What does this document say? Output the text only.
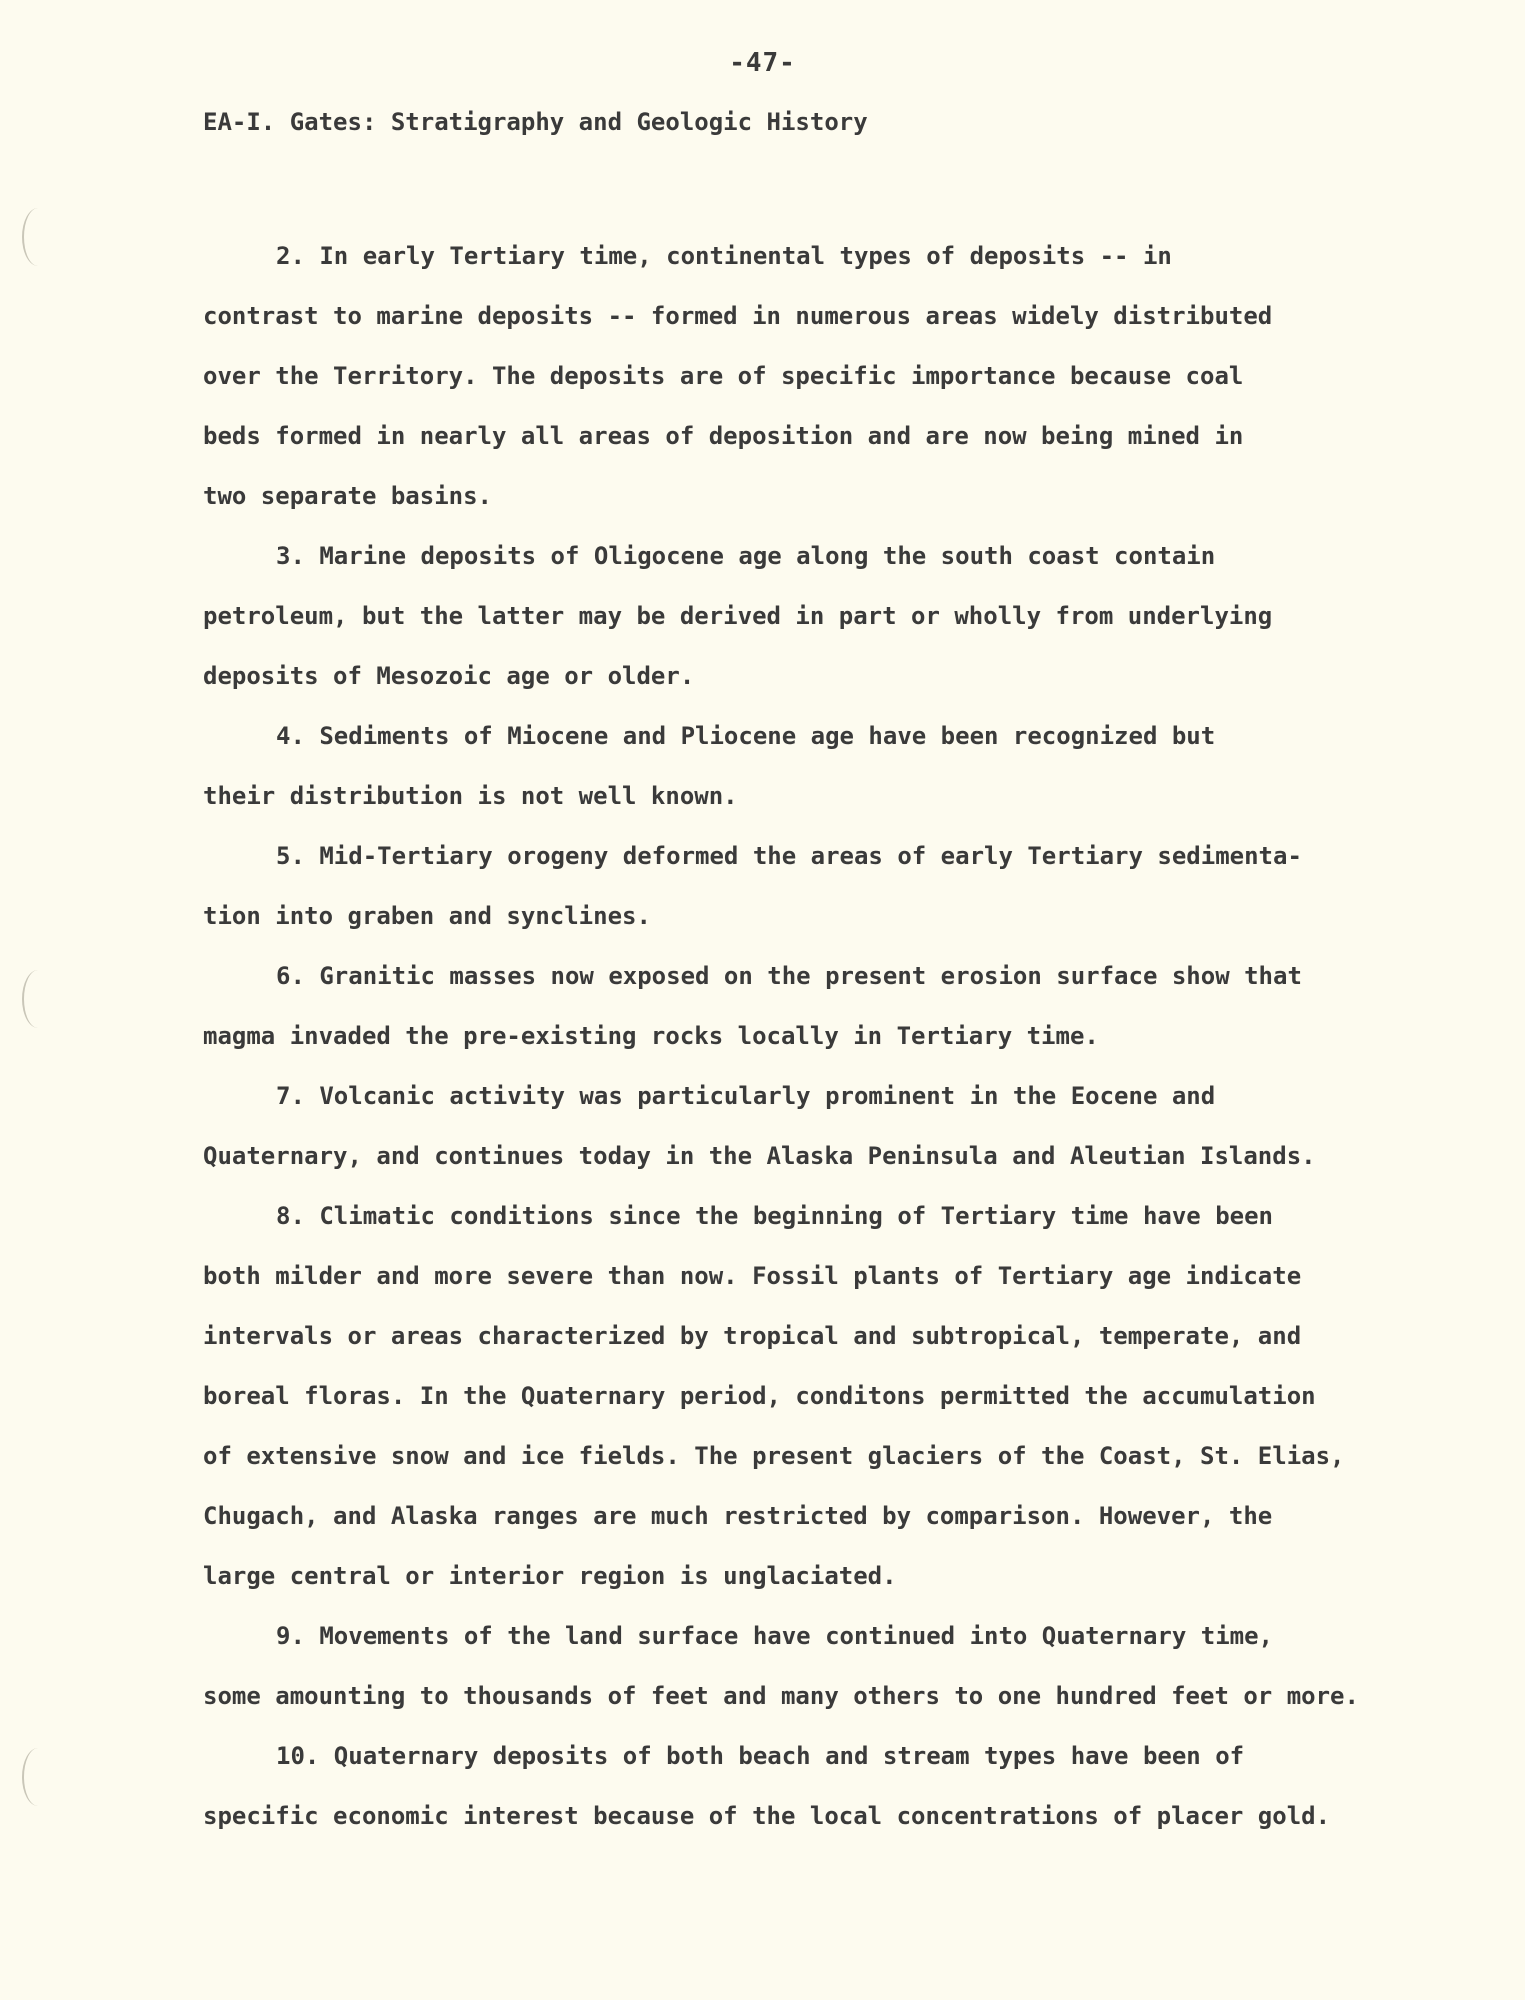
-47-
EA-I. Gates: Stratigraphy and Geologic History
2. In early Tertiary time, continental types of deposits -- in
contrast to marine deposits -- formed in numerous areas widely distributed
over the Territory. The deposits are of specific importance because coal
beds formed in nearly all areas of deposition and are now being mined in
two separate basins.
3. Marine deposits of Oligocene age along the south coast contain
petroleum, but the latter may be derived in part or wholly from underlying
deposits of Mesozoic age or older.
4. Sediments of Miocene and Pliocene age have been recognized but
their distribution is not well known.
5. Mid-Tertiary orogeny deformed the areas of early Tertiary sedimenta-
tion into graben and synclines.
6. Granitic masses now exposed on the present erosion surface show that
magma invaded the pre-existing rocks locally in Tertiary time.
7. Volcanic activity was particularly prominent in the Eocene and
Quaternary, and continues today in the Alaska Peninsula and Aleutian Islands.
8. Climatic conditions since the beginning of Tertiary time have been
both milder and more severe than now. Fossil plants of Tertiary age indicate
intervals or areas characterized by tropical and subtropical, temperate, and
boreal floras. In the Quaternary period, conditons permitted the accumulation
of extensive snow and ice fields. The present glaciers of the Coast, St. Elias,
Chugach, and Alaska ranges are much restricted by comparison. However, the
large central or interior region is unglaciated.
9. Movements of the land surface have continued into Quaternary time,
some amounting to thousands of feet and many others to one hundred feet or more.
10. Quaternary deposits of both beach and stream types have been of
specific economic interest because of the local concentrations of placer gold.
